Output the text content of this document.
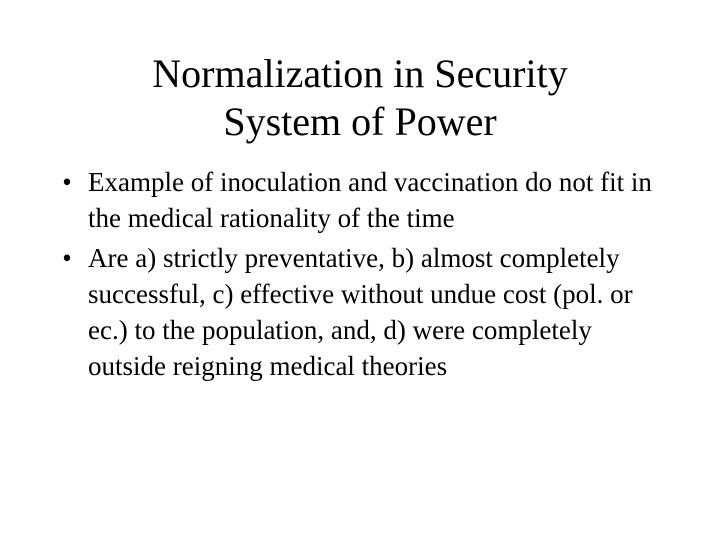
Normalization in Security
System of Power
• Example of inoculation and vaccination do not fit in the medical rationality of the time
• Are a) strictly preventative, b) almost completely successful, c) effective without undue cost (pol. or ec.) to the population, and, d) were completely outside reigning medical theories
